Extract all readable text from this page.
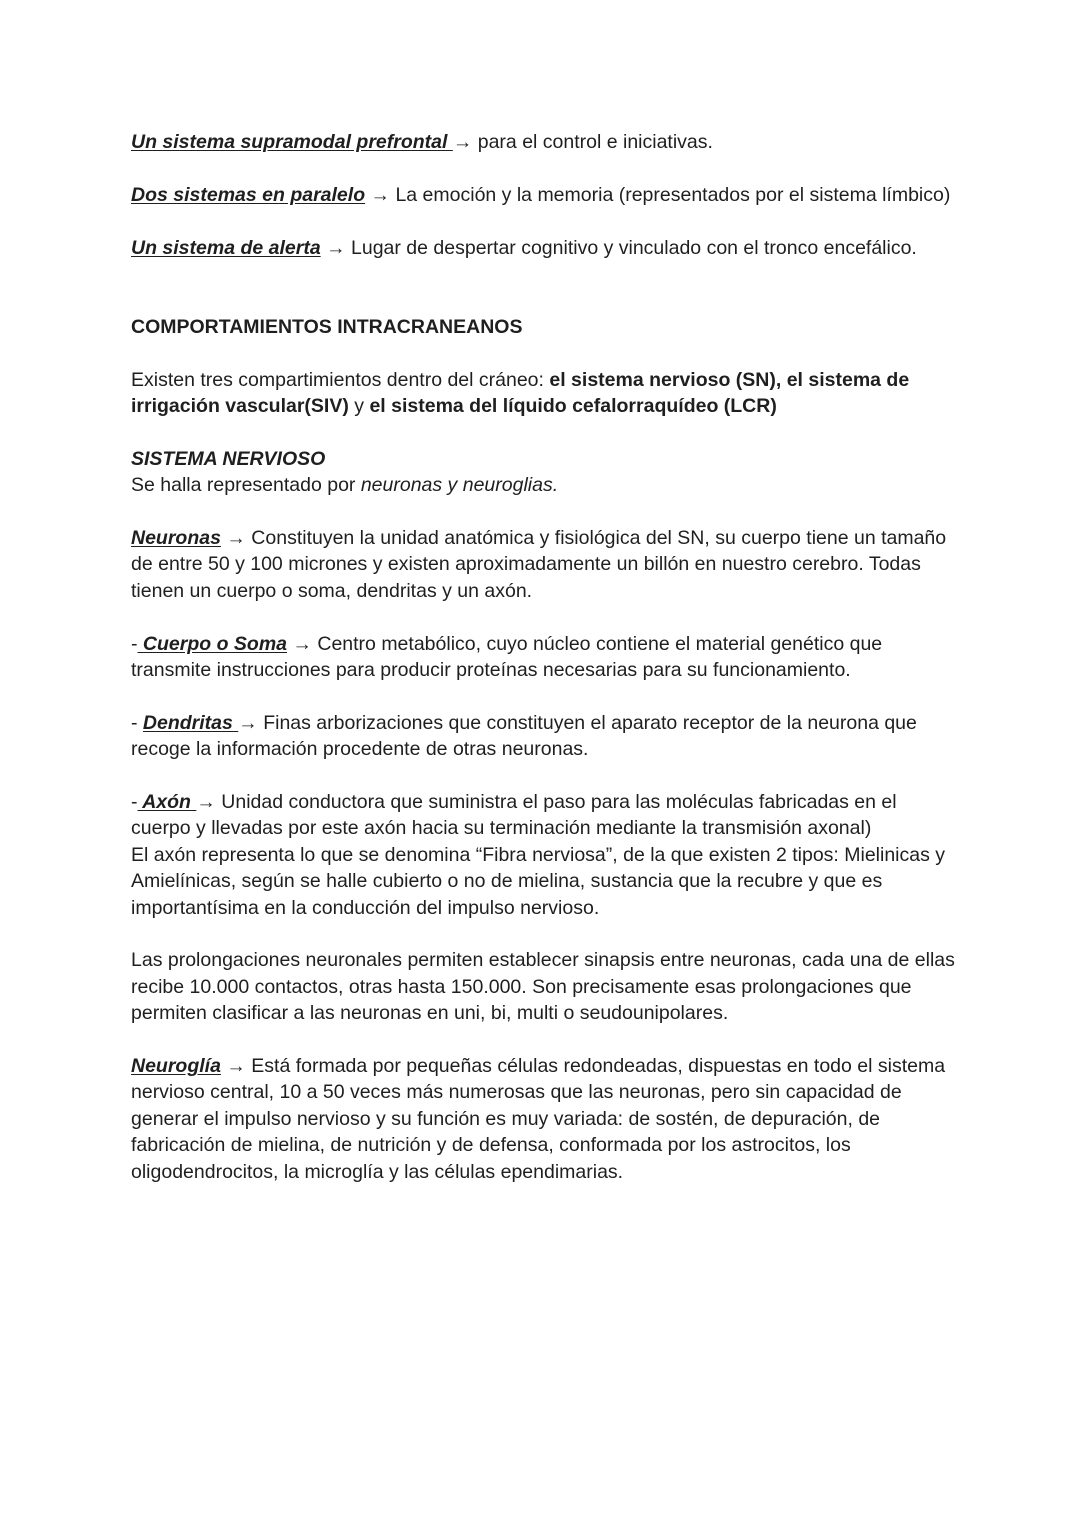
Un sistema supramodal prefrontal → para el control e iniciativas.

Dos sistemas en paralelo → La emoción y la memoria (representados por el sistema límbico)

Un sistema de alerta → Lugar de despertar cognitivo y vinculado con el tronco encefálico.

COMPORTAMIENTOS INTRACRANEANOS

Existen tres compartimientos dentro del cráneo: el sistema nervioso (SN), el sistema de irrigación vascular(SIV) y el sistema del líquido cefalorraquídeo (LCR)

SISTEMA NERVIOSO

Se halla representado por neuronas y neuroglias.

Neuronas → Constituyen la unidad anatómica y fisiológica del SN, su cuerpo tiene un tamaño de entre 50 y 100 micrones y existen aproximadamente un billón en nuestro cerebro. Todas tienen un cuerpo o soma, dendritas y un axón.

- Cuerpo o Soma → Centro metabólico, cuyo núcleo contiene el material genético que transmite instrucciones para producir proteínas necesarias para su funcionamiento.

- Dendritas → Finas arborizaciones que constituyen el aparato receptor de la neurona que recoge la información procedente de otras neuronas.

- Axón → Unidad conductora que suministra el paso para las moléculas fabricadas en el cuerpo y llevadas por este axón hacia su terminación mediante la transmisión axonal)

El axón representa lo que se denomina “Fibra nerviosa”, de la que existen 2 tipos: Mielinicas y Amielínicas, según se halle cubierto o no de mielina, sustancia que la recubre y que es importantísima en la conducción del impulso nervioso.

Las prolongaciones neuronales permiten establecer sinapsis entre neuronas, cada una de ellas recibe 10.000 contactos, otras hasta 150.000. Son precisamente esas prolongaciones que permiten clasificar a las neuronas en uni, bi, multi o seudounipolares.

Neuroglía → Está formada por pequeñas células redondeadas, dispuestas en todo el sistema nervioso central, 10 a 50 veces más numerosas que las neuronas, pero sin capacidad de generar el impulso nervioso y su función es muy variada: de sostén, de depuración, de fabricación de mielina, de nutrición y de defensa, conformada por los astrocitos, los oligodendrocitos, la microglía y las células ependimarias.
